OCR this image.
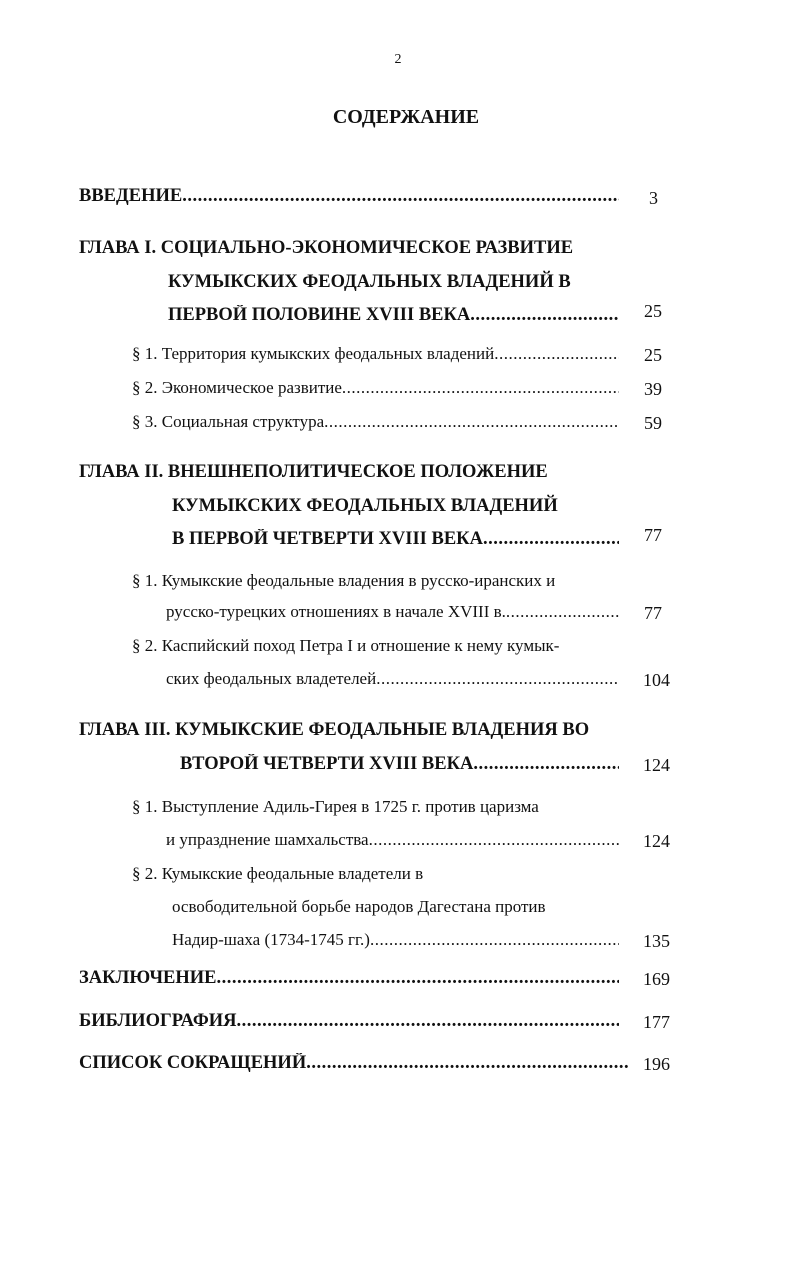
2
СОДЕРЖАНИЕ
ВВЕДЕНИЕ .....	3
ГЛАВА I. СОЦИАЛЬНО-ЭКОНОМИЧЕСКОЕ РАЗВИТИЕ
КУМЫКСКИХ ФЕОДАЛЬНЫХ ВЛАДЕНИЙ В
ПЕРВОЙ ПОЛОВИНЕ XVIII ВЕКА .....	25
§ 1. Территория кумыкских феодальных владений .....	25
§ 2. Экономическое развитие .....	39
§ 3. Социальная структура .....	59
ГЛАВА II. ВНЕШНЕПОЛИТИЧЕСКОЕ ПОЛОЖЕНИЕ
КУМЫКСКИХ ФЕОДАЛЬНЫХ ВЛАДЕНИЙ
В ПЕРВОЙ ЧЕТВЕРТИ XVIII ВЕКА .....	77
§ 1. Кумыкские феодальные владения в русско-иранских и
русско-турецких отношениях в начале XVIII в. .....	77
§ 2. Каспийский поход Петра I и отношение к нему кумык-
ских феодальных владетелей .....	104
ГЛАВА III. КУМЫКСКИЕ ФЕОДАЛЬНЫЕ ВЛАДЕНИЯ ВО
ВТОРОЙ ЧЕТВЕРТИ XVIII ВЕКА .....	124
§ 1. Выступление Адиль-Гирея в 1725 г. против царизма
и упразднение шамхальства .....	124
§ 2. Кумыкские феодальные владетели в
освободительной борьбе народов Дагестана против
Надир-шаха (1734-1745 гг.) .....	135
ЗАКЛЮЧЕНИЕ .....	169
БИБЛИОГРАФИЯ .....	177
СПИСОК СОКРАЩЕНИЙ .....	196
